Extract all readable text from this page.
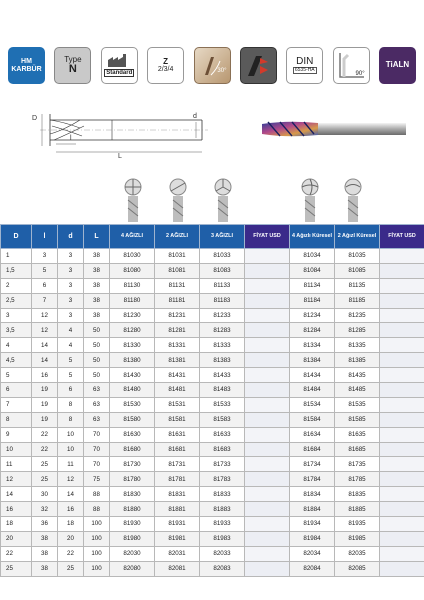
HM
KARBÜR
Type
N	Standard
Z
2/3/4	30°
DIN
6535-HA
90°
TiALN
D
l
d
L
D	l	d	L	4 AĞIZLI	2 AĞIZLI	3 AĞIZLI	FİYAT USD	4 Ağızlı Küresel	2 Ağızl Küresel	FİYAT USD
1	3	3	38	81030	81031	81033		81034	81035	
1,5	5	3	38	81080	81081	81083		81084	81085	
2	6	3	38	81130	81131	81133		81134	81135	
2,5	7	3	38	81180	81181	81183		81184	81185	
3	12	3	38	81230	81231	81233		81234	81235	
3,5	12	4	50	81280	81281	81283		81284	81285	
4	14	4	50	81330	81331	81333		81334	81335	
4,5	14	5	50	81380	81381	81383		81384	81385	
5	16	5	50	81430	81431	81433		81434	81435	
6	19	6	63	81480	81481	81483		81484	81485	
7	19	8	63	81530	81531	81533		81534	81535	
8	19	8	63	81580	81581	81583		81584	81585	
9	22	10	70	81630	81631	81633		81634	81635	
10	22	10	70	81680	81681	81683		81684	81685	
11	25	11	70	81730	81731	81733		81734	81735	
12	25	12	75	81780	81781	81783		81784	81785	
14	30	14	88	81830	81831	81833		81834	81835	
16	32	16	88	81880	81881	81883		81884	81885	
18	36	18	100	81930	81931	81933		81934	81935	
20	38	20	100	81980	81981	81983		81984	81985	
22	38	22	100	82030	82031	82033		82034	82035	
25	38	25	100	82080	82081	82083		82084	82085	
